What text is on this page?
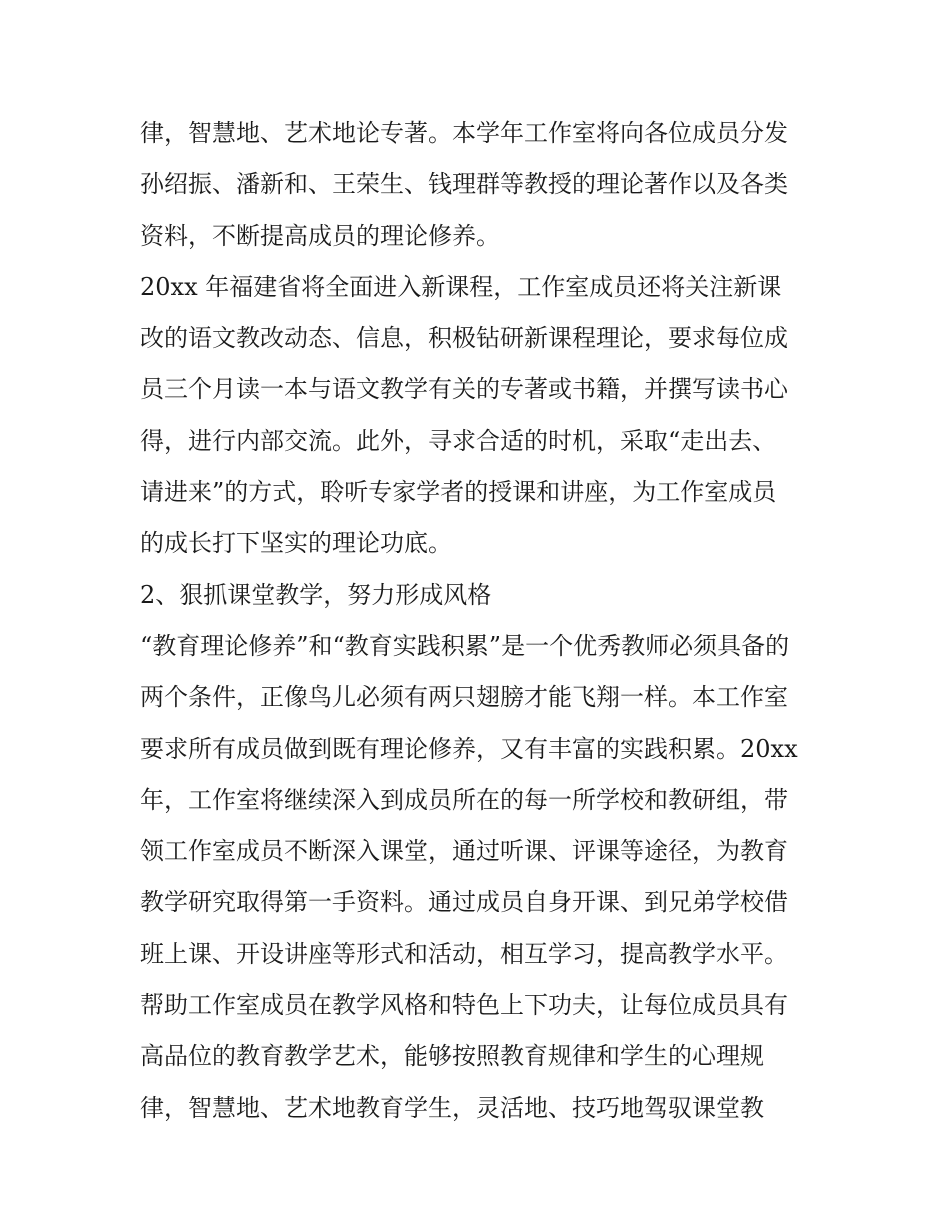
律，智慧地、艺术地论专著。本学年工作室将向各位成员分发
孙绍振、潘新和、王荣生、钱理群等教授的理论著作以及各类
资料，不断提高成员的理论修养。
20xx 年福建省将全面进入新课程，工作室成员还将关注新课
改的语文教改动态、信息，积极钻研新课程理论，要求每位成
员三个月读一本与语文教学有关的专著或书籍，并撰写读书心
得，进行内部交流。此外，寻求合适的时机，采取“走出去、
请进来”的方式，聆听专家学者的授课和讲座，为工作室成员
的成长打下坚实的理论功底。
2、狠抓课堂教学，努力形成风格
“教育理论修养”和“教育实践积累”是一个优秀教师必须具备的
两个条件，正像鸟儿必须有两只翅膀才能飞翔一样。本工作室
要求所有成员做到既有理论修养，又有丰富的实践积累。20xx
年，工作室将继续深入到成员所在的每一所学校和教研组，带
领工作室成员不断深入课堂，通过听课、评课等途径，为教育
教学研究取得第一手资料。通过成员自身开课、到兄弟学校借
班上课、开设讲座等形式和活动，相互学习，提高教学水平。
帮助工作室成员在教学风格和特色上下功夫，让每位成员具有
高品位的教育教学艺术，能够按照教育规律和学生的心理规
律，智慧地、艺术地教育学生，灵活地、技巧地驾驭课堂教
